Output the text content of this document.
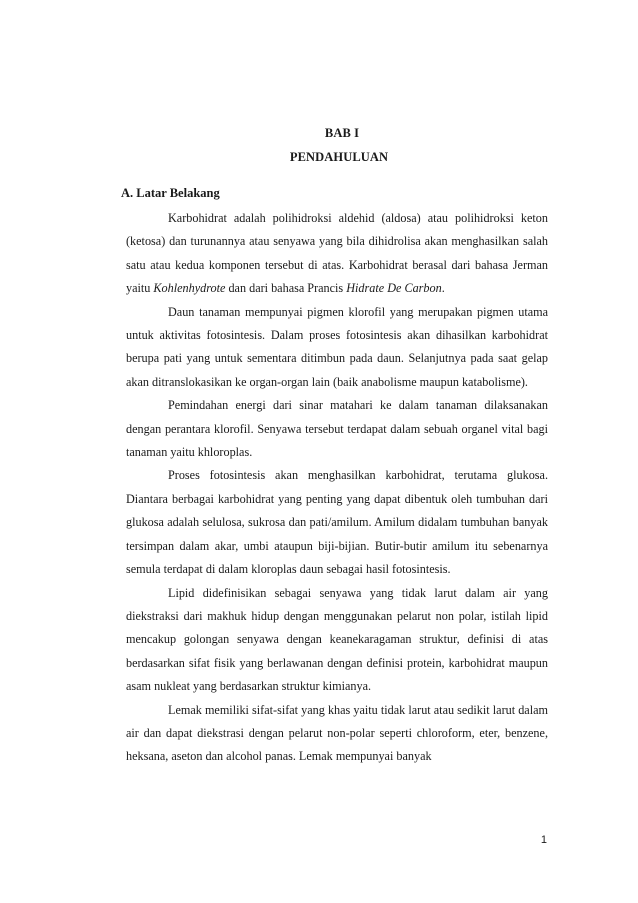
BAB I
PENDAHULUAN
A. Latar Belakang

Karbohidrat adalah polihidroksi aldehid (aldosa) atau polihidroksi keton (ketosa) dan turunannya atau senyawa yang bila dihidrolisa akan menghasilkan salah satu atau kedua komponen tersebut di atas. Karbohidrat berasal dari bahasa Jerman yaitu Kohlenhydrote dan dari bahasa Prancis Hidrate De Carbon.

Daun tanaman mempunyai pigmen klorofil yang merupakan pigmen utama untuk aktivitas fotosintesis. Dalam proses fotosintesis akan dihasilkan karbohidrat berupa pati yang untuk sementara ditimbun pada daun. Selanjutnya pada saat gelap akan ditranslokasikan ke organ-organ lain (baik anabolisme maupun katabolisme).

Pemindahan energi dari sinar matahari ke dalam tanaman dilaksanakan dengan perantara klorofil. Senyawa tersebut terdapat dalam sebuah organel vital bagi tanaman yaitu khloroplas.

Proses fotosintesis akan menghasilkan karbohidrat, terutama glukosa. Diantara berbagai karbohidrat yang penting yang dapat dibentuk oleh tumbuhan dari glukosa adalah selulosa, sukrosa dan pati/amilum. Amilum didalam tumbuhan banyak tersimpan dalam akar, umbi ataupun biji-bijian. Butir-butir amilum itu sebenarnya semula terdapat di dalam kloroplas daun sebagai hasil fotosintesis.

Lipid didefinisikan sebagai senyawa yang tidak larut dalam air yang diekstraksi dari makhuk hidup dengan menggunakan pelarut non polar, istilah lipid mencakup golongan senyawa dengan keanekaragaman struktur, definisi di atas berdasarkan sifat fisik yang berlawanan dengan definisi protein, karbohidrat maupun asam nukleat yang berdasarkan struktur kimianya.

Lemak memiliki sifat-sifat yang khas yaitu tidak larut atau sedikit larut dalam air dan dapat diekstrasi dengan pelarut non-polar seperti chloroform, eter, benzene, heksana, aseton dan alcohol panas. Lemak mempunyai banyak

1
